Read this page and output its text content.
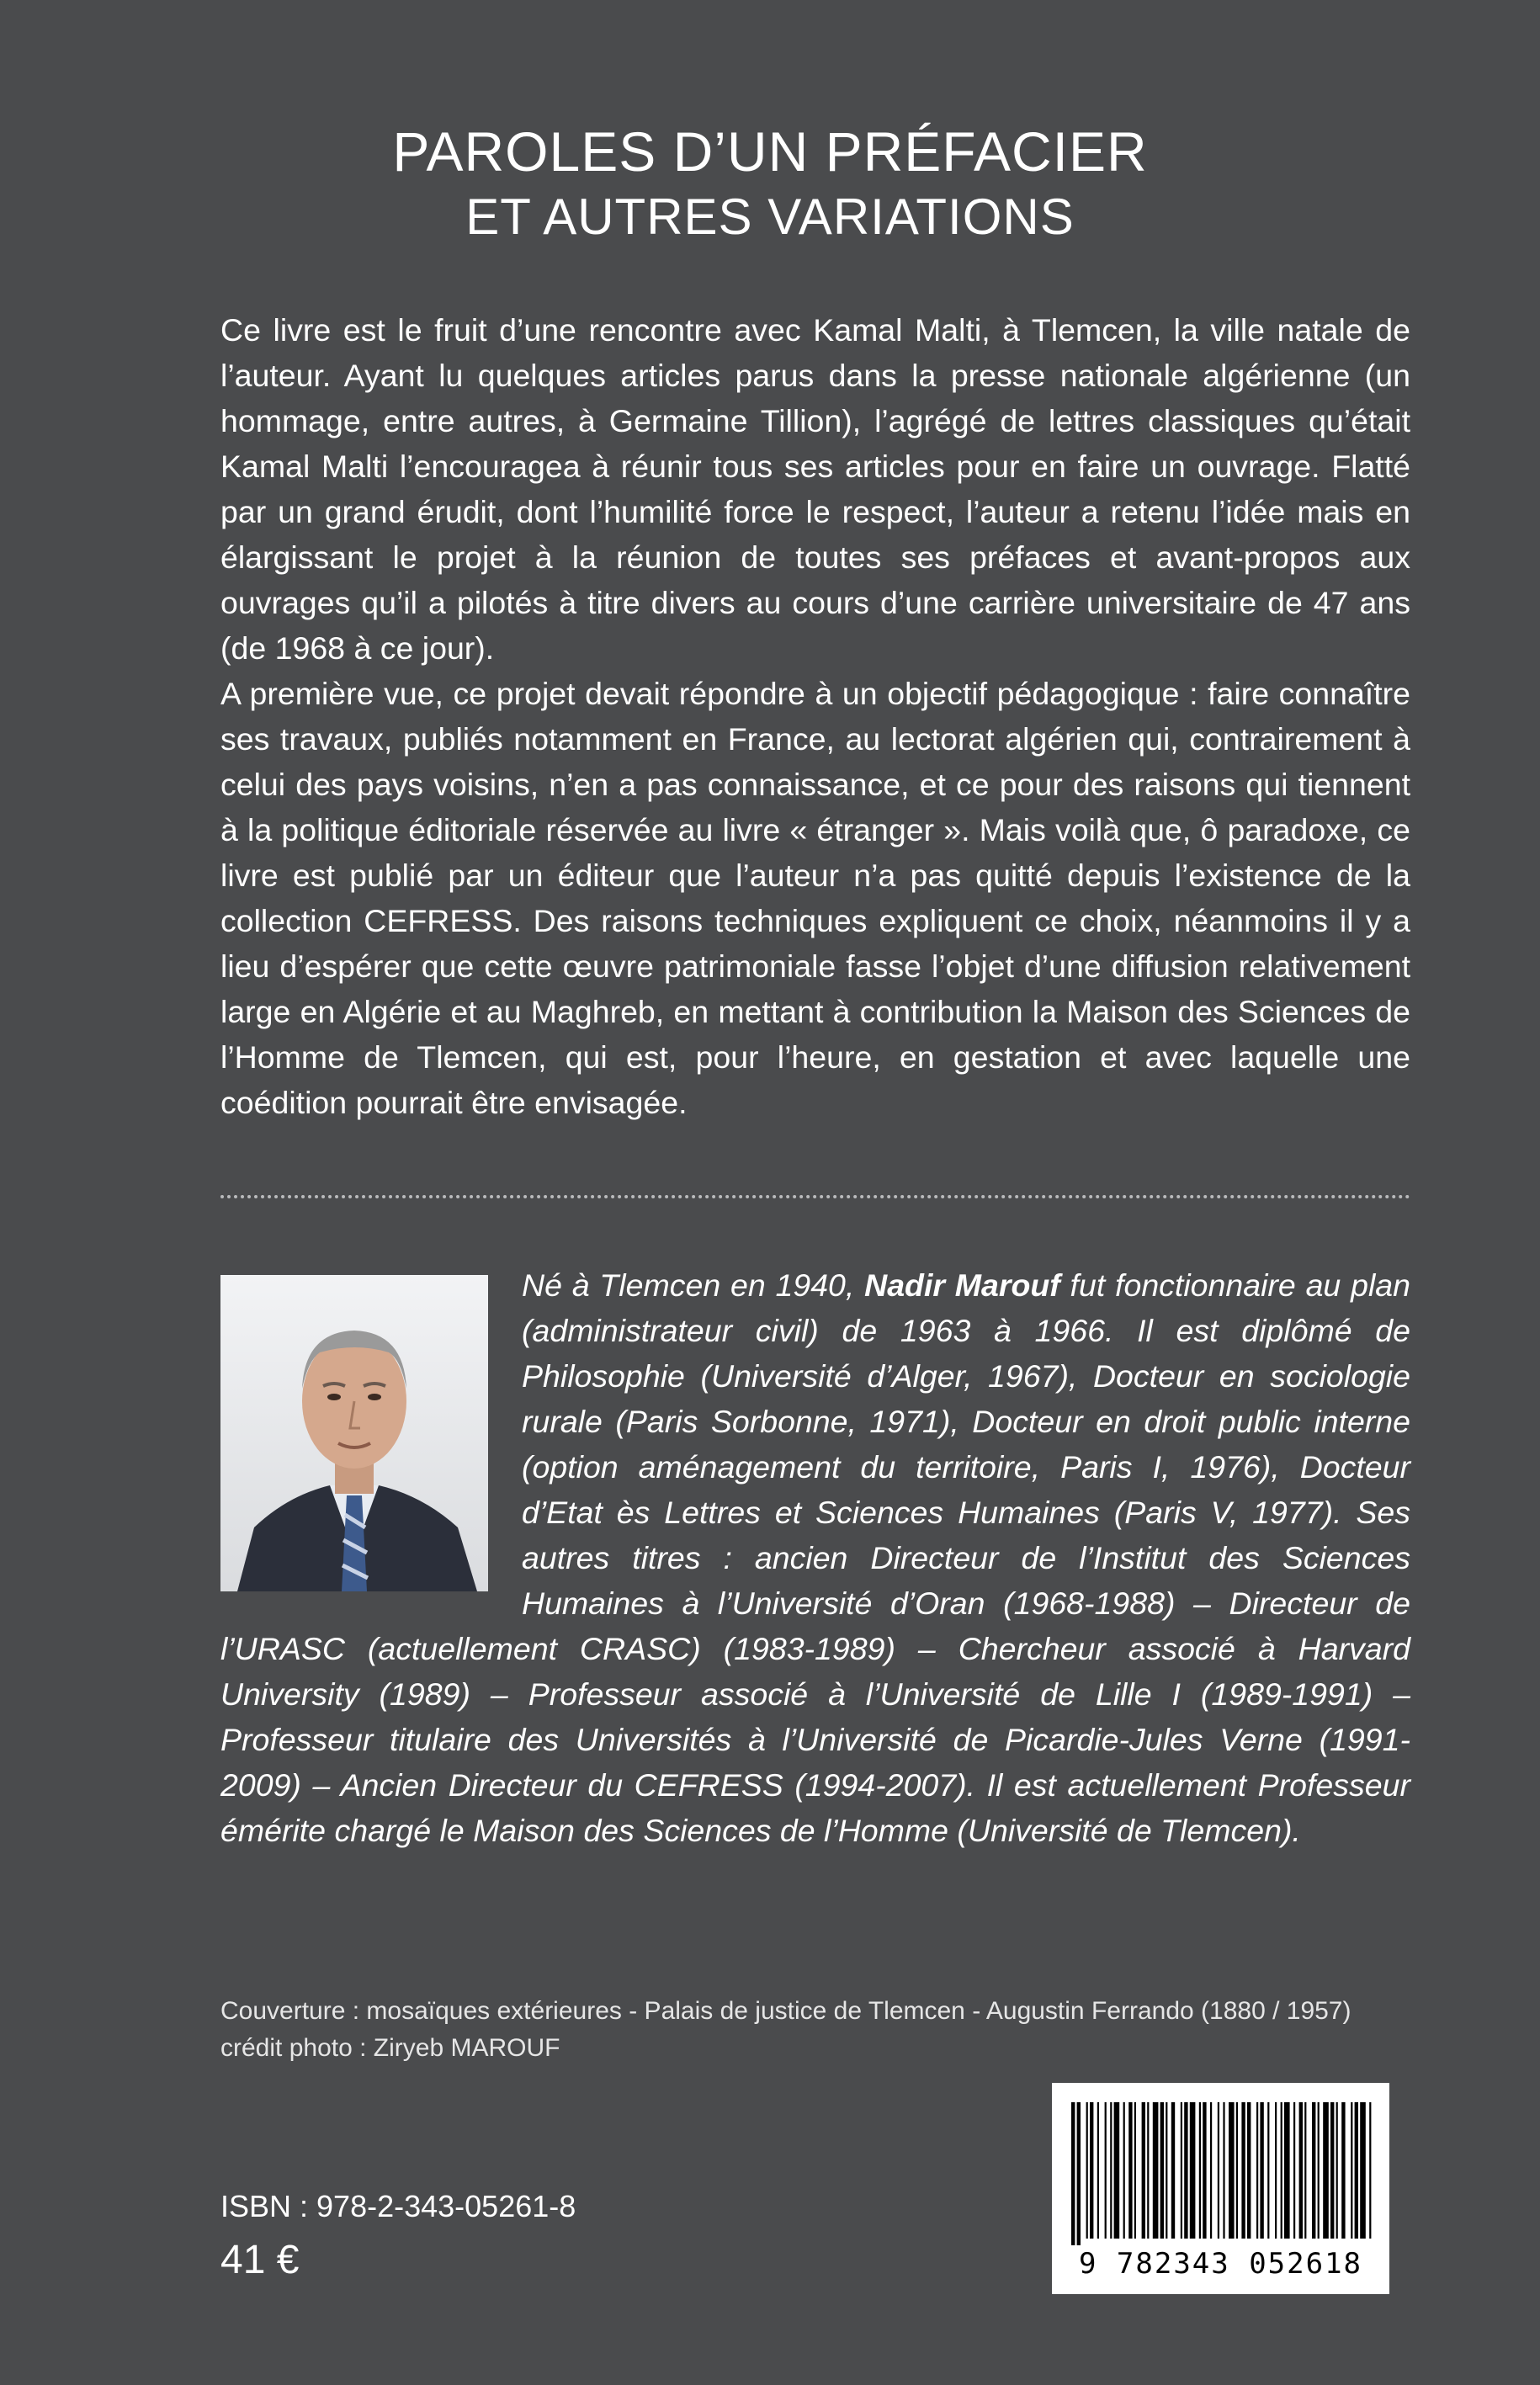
PAROLES D’UN PRÉFACIER
ET AUTRES VARIATIONS

Ce livre est le fruit d’une rencontre avec Kamal Malti, à Tlemcen, la ville natale de l’auteur. Ayant lu quelques articles parus dans la presse nationale algérienne (un hommage, entre autres, à Germaine Tillion), l’agrégé de lettres classiques qu’était Kamal Malti l’encouragea à réunir tous ses articles pour en faire un ouvrage. Flatté par un grand érudit, dont l’humilité force le respect, l’auteur a retenu l’idée mais en élargissant le projet à la réunion de toutes ses préfaces et avant-propos aux ouvrages qu’il a pilotés à titre divers au cours d’une carrière universitaire de 47 ans (de 1968 à ce jour).

A première vue, ce projet devait répondre à un objectif pédagogique : faire connaître ses travaux, publiés notamment en France, au lectorat algérien qui, contrairement à celui des pays voisins, n’en a pas connaissance, et ce pour des raisons qui tiennent à la politique éditoriale réservée au livre « étranger ». Mais voilà que, ô paradoxe, ce livre est publié par un éditeur que l’auteur n’a pas quitté depuis l’existence de la collection CEFRESS. Des raisons techniques expliquent ce choix, néanmoins il y a lieu d’espérer que cette œuvre patrimoniale fasse l’objet d’une diffusion relativement large en Algérie et au Maghreb, en mettant à contribution la Maison des Sciences de l’Homme de Tlemcen, qui est, pour l’heure, en gestation et avec laquelle une coédition pourrait être envisagée.

Né à Tlemcen en 1940, Nadir Marouf fut fonctionnaire au plan (administrateur civil) de 1963 à 1966. Il est diplômé de Philosophie (Université d’Alger, 1967), Docteur en sociologie rurale (Paris Sorbonne, 1971), Docteur en droit public interne (option aménagement du territoire, Paris I, 1976), Docteur d’Etat ès Lettres et Sciences Humaines (Paris V, 1977). Ses autres titres : ancien Directeur de l’Institut des Sciences Humaines à l’Université d’Oran (1968-1988) – Directeur de l’URASC (actuellement CRASC) (1983-1989) – Chercheur associé à Harvard University (1989) – Professeur associé à l’Université de Lille I (1989-1991) – Professeur titulaire des Universités à l’Université de Picardie-Jules Verne (1991-2009) – Ancien Directeur du CEFRESS (1994-2007). Il est actuellement Professeur émérite chargé le Maison des Sciences de l’Homme (Université de Tlemcen).
Couverture : mosaïques extérieures - Palais de justice de Tlemcen - Augustin Ferrando (1880 / 1957)
crédit photo : Ziryeb MAROUF
ISBN : 978-2-343-05261-8
41 €	9 782343 052618
